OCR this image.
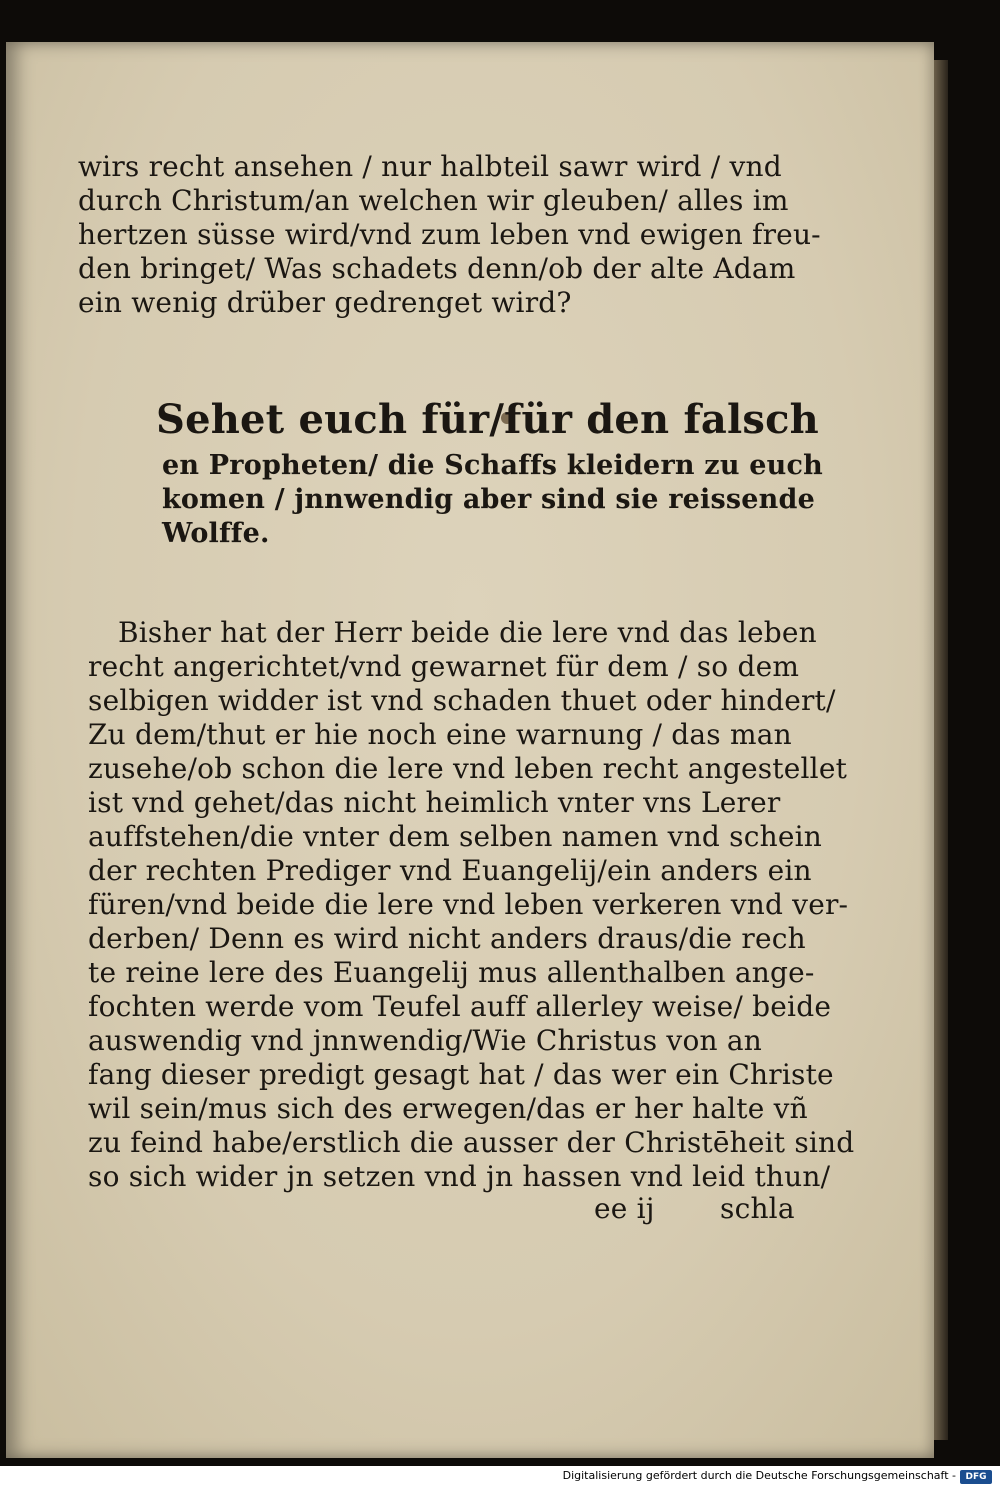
wirs recht ansehen / nur halbteil sawr wird / vnd
durch Christum/an welchen wir gleuben/ alles im
hertzen süsse wird/vnd zum leben vnd ewigen freu-
den bringet/ Was schadets denn/ob der alte Adam
ein wenig drüber gedrenget wird?
Sehet euch für/für den falsch
en Propheten/ die Schaffs kleidern zu euch
komen / jnnwendig aber sind sie reissende
Wolffe.
Bisher hat der Herr beide die lere vnd das leben
recht angerichtet/vnd gewarnet für dem / so dem
selbigen widder ist vnd schaden thuet oder hindert/
Zu dem/thut er hie noch eine warnung / das man
zusehe/ob schon die lere vnd leben recht angestellet
ist vnd gehet/das nicht heimlich vnter vns Lerer
auffstehen/die vnter dem selben namen vnd schein
der rechten Prediger vnd Euangelij/ein anders ein
füren/vnd beide die lere vnd leben verkeren vnd ver-
derben/ Denn es wird nicht anders draus/die rech
te reine lere des Euangelij mus allenthalben ange-
fochten werde vom Teufel auff allerley weise/ beide
auswendig vnd jnnwendig/Wie Christus von an
fang dieser predigt gesagt hat / das wer ein Christe
wil sein/mus sich des erwegen/das er her halte vñ
zu feind habe/erstlich die ausser der Christēheit sind
so sich wider jn setzen vnd jn hassen vnd leid thun/
ee ij schla
Digitalisierung gefördert durch die Deutsche Forschungsgemeinschaft -	DFG
